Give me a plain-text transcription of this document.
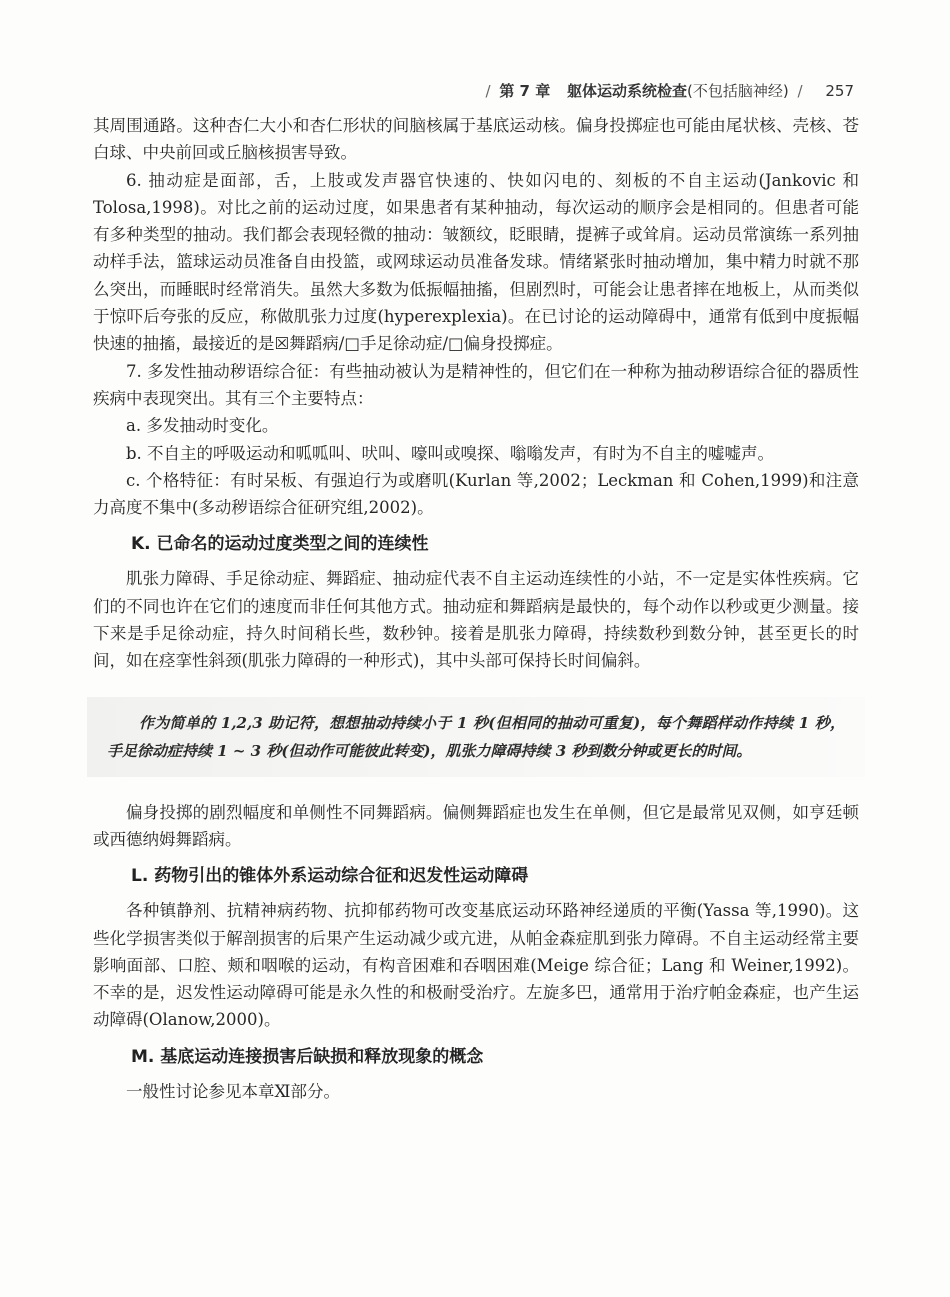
/ 第 7 章 躯体运动系统检查(不包括脑神经) / 257

其周围通路。这种杏仁大小和杏仁形状的间脑核属于基底运动核。偏身投掷症也可能由尾状核、壳核、苍白球、中央前回或丘脑核损害导致。

6. 抽动症是面部，舌，上肢或发声器官快速的、快如闪电的、刻板的不自主运动(Jankovic 和 Tolosa,1998)。对比之前的运动过度，如果患者有某种抽动，每次运动的顺序会是相同的。但患者可能有多种类型的抽动。我们都会表现轻微的抽动：皱额纹，眨眼睛，提裤子或耸肩。运动员常演练一系列抽动样手法，篮球运动员准备自由投篮，或网球运动员准备发球。情绪紧张时抽动增加，集中精力时就不那么突出，而睡眠时经常消失。虽然大多数为低振幅抽搐，但剧烈时，可能会让患者摔在地板上，从而类似于惊吓后夸张的反应，称做肌张力过度(hyperexplexia)。在已讨论的运动障碍中，通常有低到中度振幅快速的抽搐，最接近的是☒舞蹈病/□手足徐动症/□偏身投掷症。

7. 多发性抽动秽语综合征：有些抽动被认为是精神性的，但它们在一种称为抽动秽语综合征的器质性疾病中表现突出。其有三个主要特点：

a. 多发抽动时变化。

b. 不自主的呼吸运动和呱呱叫、吠叫、嚎叫或嗅探、嗡嗡发声，有时为不自主的嘘嘘声。

c. 个格特征：有时呆板、有强迫行为或磨叽(Kurlan 等,2002；Leckman 和 Cohen,1999)和注意力高度不集中(多动秽语综合征研究组,2002)。

K. 已命名的运动过度类型之间的连续性

肌张力障碍、手足徐动症、舞蹈症、抽动症代表不自主运动连续性的小站，不一定是实体性疾病。它们的不同也许在它们的速度而非任何其他方式。抽动症和舞蹈病是最快的，每个动作以秒或更少测量。接下来是手足徐动症，持久时间稍长些，数秒钟。接着是肌张力障碍，持续数秒到数分钟，甚至更长的时间，如在痉挛性斜颈(肌张力障碍的一种形式)，其中头部可保持长时间偏斜。

作为简单的 1,2,3 助记符，想想抽动持续小于 1 秒(但相同的抽动可重复)，每个舞蹈样动作持续 1 秒，手足徐动症持续 1 ~ 3 秒(但动作可能彼此转变)，肌张力障碍持续 3 秒到数分钟或更长的时间。

偏身投掷的剧烈幅度和单侧性不同舞蹈病。偏侧舞蹈症也发生在单侧，但它是最常见双侧，如亨廷顿或西德纳姆舞蹈病。

L. 药物引出的锥体外系运动综合征和迟发性运动障碍

各种镇静剂、抗精神病药物、抗抑郁药物可改变基底运动环路神经递质的平衡(Yassa 等,1990)。这些化学损害类似于解剖损害的后果产生运动减少或亢进，从帕金森症肌到张力障碍。不自主运动经常主要影响面部、口腔、颊和咽喉的运动，有构音困难和吞咽困难(Meige 综合征；Lang 和 Weiner,1992)。不幸的是，迟发性运动障碍可能是永久性的和极耐受治疗。左旋多巴，通常用于治疗帕金森症，也产生运动障碍(Olanow,2000)。

M. 基底运动连接损害后缺损和释放现象的概念

一般性讨论参见本章Ⅺ部分。
